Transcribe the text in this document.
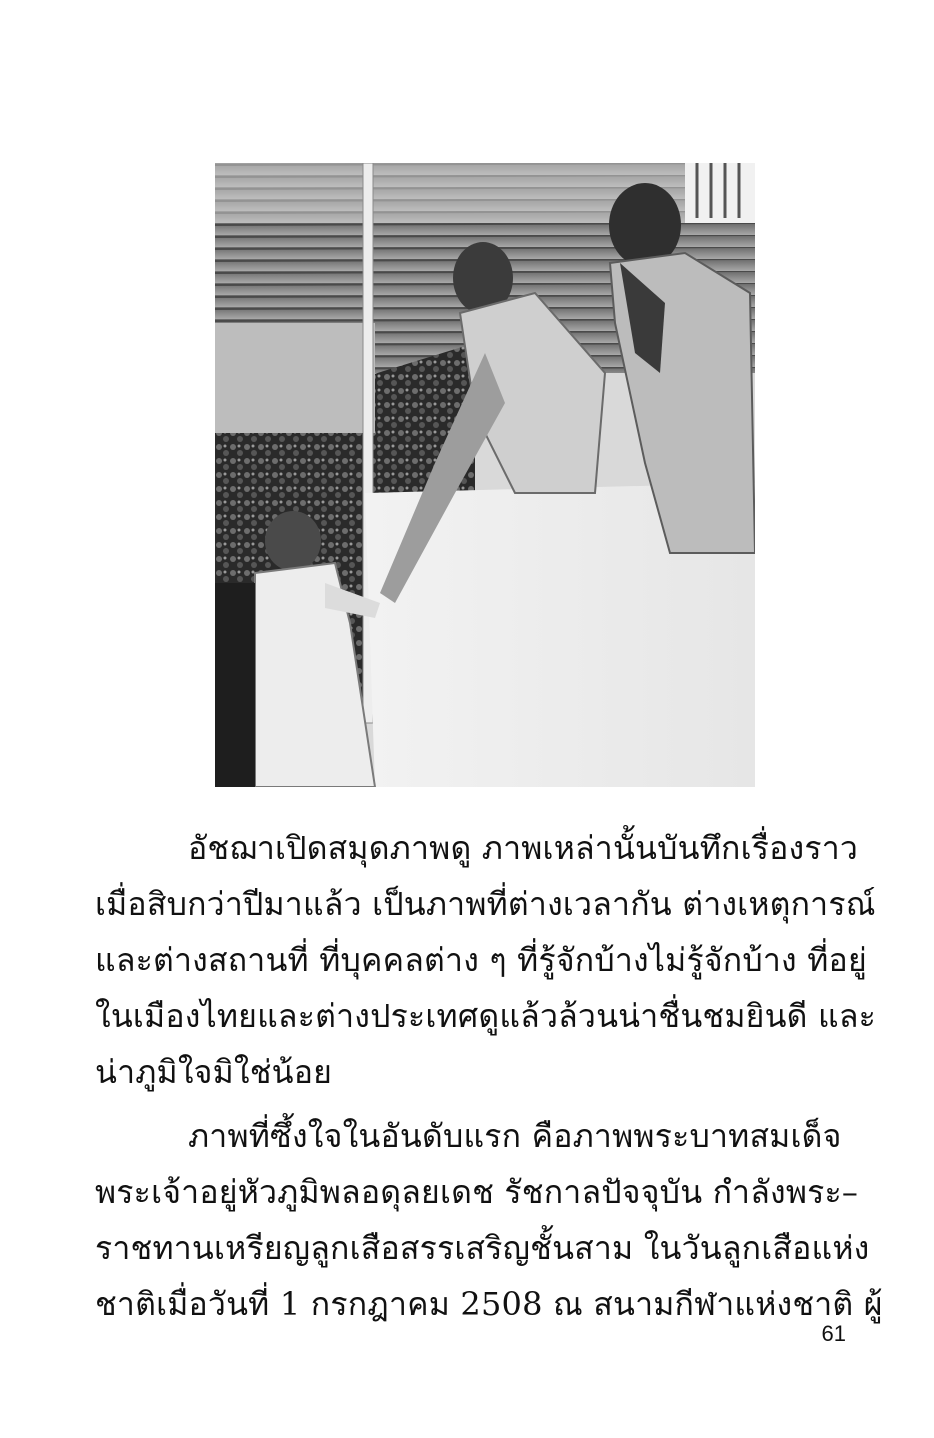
อัชฌาเปิดสมุดภาพดู ภาพเหล่านั้นบันทึกเรื่องราว
เมื่อสิบกว่าปีมาแล้ว เป็นภาพที่ต่างเวลากัน ต่างเหตุการณ์
และต่างสถานที่ ที่บุคคลต่าง ๆ ที่รู้จักบ้างไม่รู้จักบ้าง ที่อยู่
ในเมืองไทยและต่างประเทศดูแล้วล้วนน่าชื่นชมยินดี และ
น่าภูมิใจมิใช่น้อย

ภาพที่ซึ้งใจในอันดับแรก คือภาพพระบาทสมเด็จ
พระเจ้าอยู่หัวภูมิพลอดุลยเดช รัชกาลปัจจุบัน กำลังพระ–
ราชทานเหรียญลูกเสือสรรเสริญชั้นสาม ในวันลูกเสือแห่ง
ชาติเมื่อวันที่ 1 กรกฎาคม 2508 ณ สนามกีฬาแห่งชาติ ผู้

61
